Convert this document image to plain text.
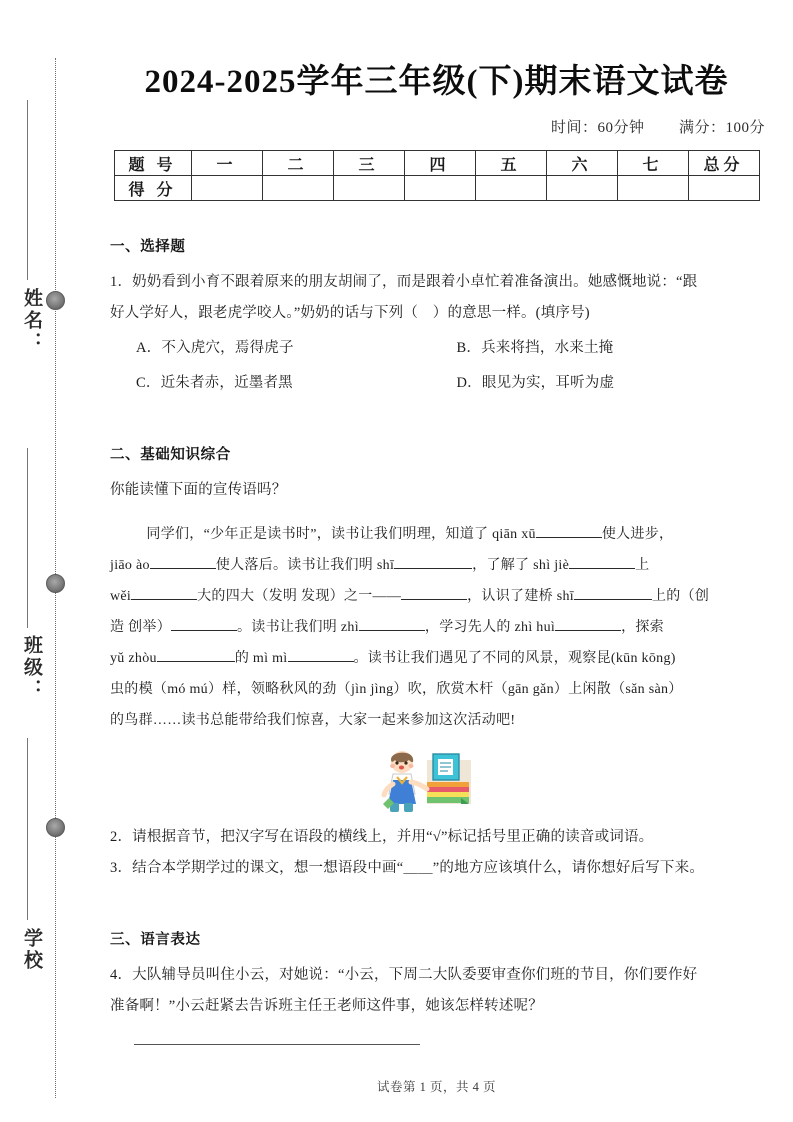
姓名：
班级：
学校
2024-2025学年三年级(下)期末语文试卷
时间：60分钟 满分：100分
题 号	一	二	三	四	五	六	七	总分
得 分								
一、选择题

1．奶奶看到小育不跟着原来的朋友胡闹了，而是跟着小卓忙着准备演出。她感慨地说：“跟

好人学好人，跟老虎学咬人。”奶奶的话与下列（　）的意思一样。(填序号)

A．不入虎穴，焉得虎子	B．兵来将挡，水来土掩
C．近朱者赤，近墨者黑	D．眼见为实，耳听为虚
二、基础知识综合

你能读懂下面的宣传语吗？

同学们，“少年正是读书时”，读书让我们明理，知道了 qiān xū	使人进步，

jiāo ào	使人落后。读书让我们明 shī	，了解了 shì jiè	上

wěi	大的四大（发明 发现）之一——	，认识了建桥 shī	上的（创

造 创举）	。读书让我们明 zhì	，学习先人的 zhì huì	，探索

yǔ zhòu	的 mì mì	。读书让我们遇见了不同的风景，观察昆(kūn kōng)

虫的模（mó mú）样，领略秋风的劲（jìn jìng）吹，欣赏木杆（gān gǎn）上闲散（sǎn sàn）

的鸟群……读书总能带给我们惊喜，大家一起来参加这次活动吧!

2．请根据音节，把汉字写在语段的横线上，并用“√”标记括号里正确的读音或词语。

3．结合本学期学过的课文，想一想语段中画“＿＿”的地方应该填什么，请你想好后写下来。

三、语言表达

4．大队辅导员叫住小云，对她说：“小云，下周二大队委要审查你们班的节目，你们要作好

准备啊！”小云赶紧去告诉班主任王老师这件事，她该怎样转述呢？

试卷第 1 页，共 4 页
